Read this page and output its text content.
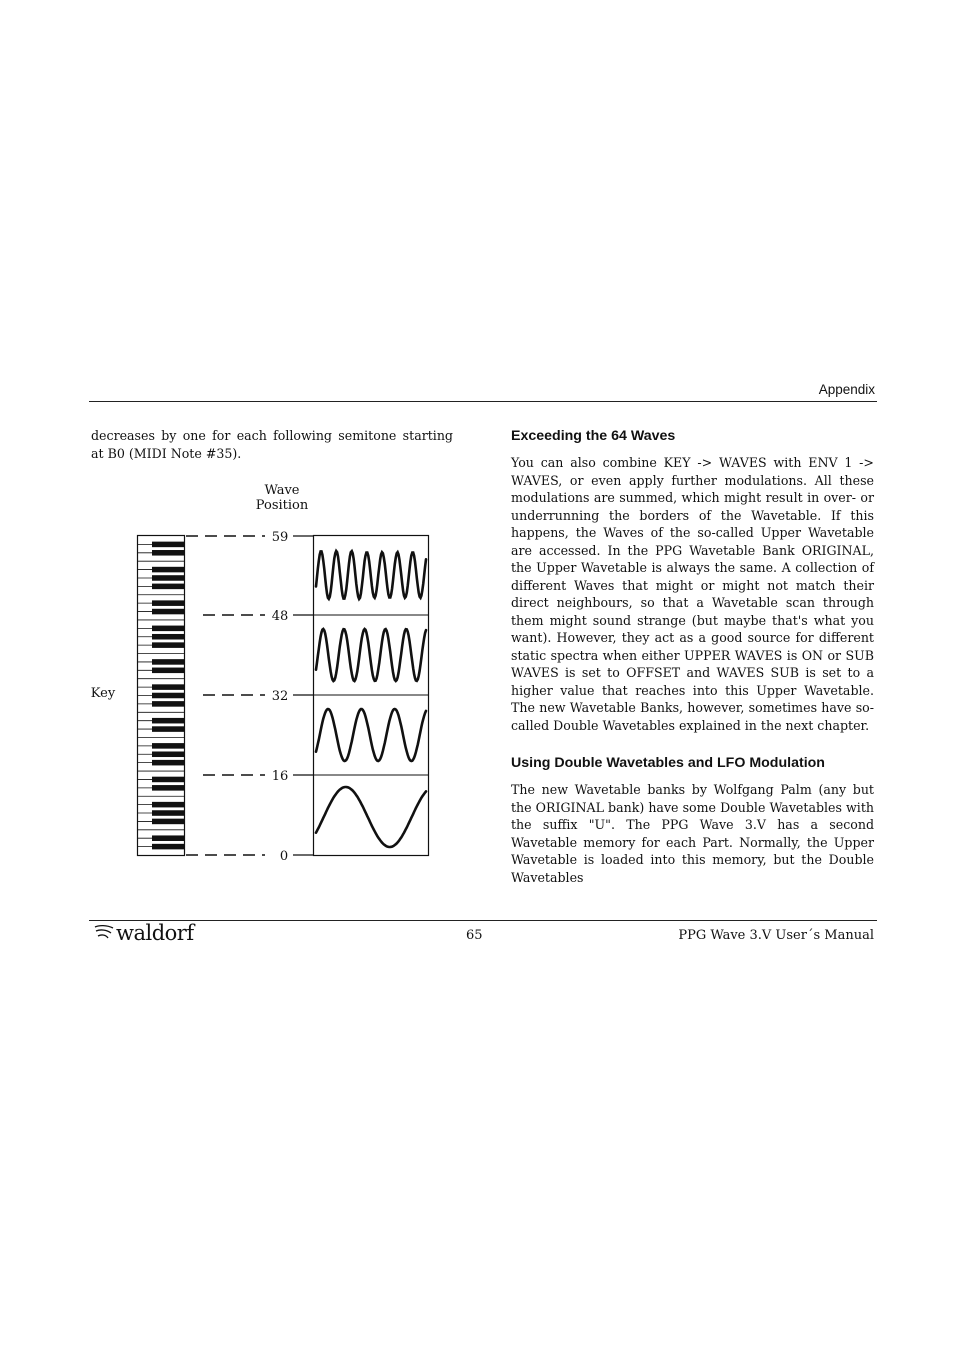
Appendix

decreases by one for each following semitone starting at B0 (MIDI Note #35).

Wave
Position
Key
59
48
32
16
0

Exceeding the 64 Waves

You can also combine KEY -> WAVES with ENV 1 -> WAVES, or even apply further modulations. All these modulations are summed, which might result in over- or underrunning the borders of the Wavetable. If this happens, the Waves of the so-called Upper Wavetable are accessed. In the PPG Wavetable Bank ORIGINAL, the Upper Wavetable is always the same. A collection of different Waves that might or might not match their direct neighbours, so that a Wavetable scan through them might sound strange (but maybe that's what you want). However, they act as a good source for different static spectra when either UPPER WAVES is ON or SUB WAVES is set to OFFSET and WAVES SUB is set to a higher value that reaches into this Upper Wavetable. The new Wavetable Banks, however, sometimes have so-called Double Wavetables explained in the next chapter.

Using Double Wavetables and LFO Modulation

The new Wavetable banks by Wolfgang Palm (any but the ORIGINAL bank) have some Double Wavetables with the suffix "U". The PPG Wave 3.V has a second Wavetable memory for each Part. Normally, the Upper Wavetable is loaded into this memory, but the Double Wavetables

waldorf	65	PPG Wave 3.V User´s Manual
